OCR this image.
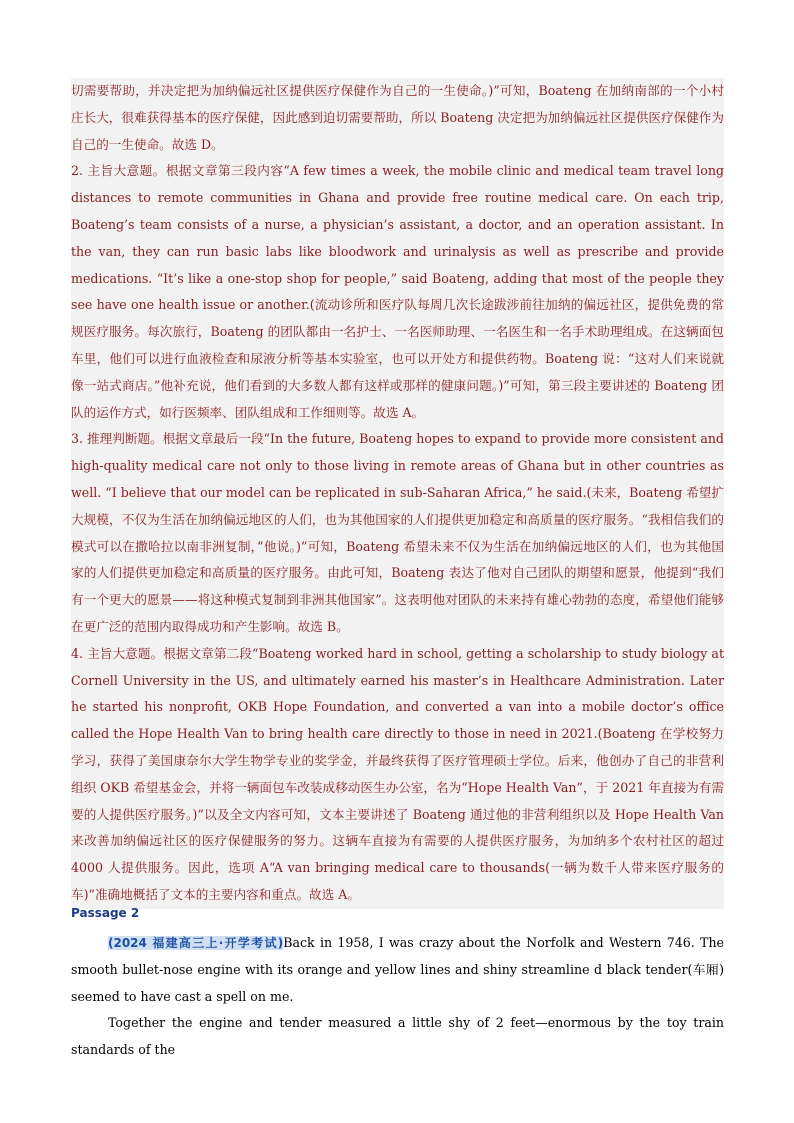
切需要帮助，并决定把为加纳偏远社区提供医疗保健作为自己的一生使命。)”可知，Boateng 在加纳南部的一个小村庄长大，很难获得基本的医疗保健，因此感到迫切需要帮助，所以 Boateng 决定把为加纳偏远社区提供医疗保健作为自己的一生使命。故选 D。

2. 主旨大意题。根据文章第三段内容“A few times a week, the mobile clinic and medical team travel long distances to remote communities in Ghana and provide free routine medical care. On each trip, Boateng’s team consists of a nurse, a physician’s assistant, a doctor, and an operation assistant. In the van, they can run basic labs like bloodwork and urinalysis as well as prescribe and provide medications. “It’s like a one-stop shop for people,” said Boateng, adding that most of the people they see have one health issue or another.(流动诊所和医疗队每周几次长途跋涉前往加纳的偏远社区，提供免费的常规医疗服务。每次旅行，Boateng 的团队都由一名护士、一名医师助理、一名医生和一名手术助理组成。在这辆面包车里，他们可以进行血液检查和尿液分析等基本实验室，也可以开处方和提供药物。Boateng 说：“这对人们来说就像一站式商店。”他补充说，他们看到的大多数人都有这样或那样的健康问题。)”可知，第三段主要讲述的 Boateng 团队的运作方式，如行医频率、团队组成和工作细则等。故选 A。

3. 推理判断题。根据文章最后一段“In the future, Boateng hopes to expand to provide more consistent and high-quality medical care not only to those living in remote areas of Ghana but in other countries as well. “I believe that our model can be replicated in sub-Saharan Africa,” he said.(未来，Boateng 希望扩大规模，不仅为生活在加纳偏远地区的人们，也为其他国家的人们提供更加稳定和高质量的医疗服务。“我相信我们的模式可以在撒哈拉以南非洲复制，”他说。)”可知，Boateng 希望未来不仅为生活在加纳偏远地区的人们，也为其他国家的人们提供更加稳定和高质量的医疗服务。由此可知，Boateng 表达了他对自己团队的期望和愿景，他提到“我们有一个更大的愿景——将这种模式复制到非洲其他国家”。这表明他对团队的未来持有雄心勃勃的态度，希望他们能够在更广泛的范围内取得成功和产生影响。故选 B。

4. 主旨大意题。根据文章第二段“Boateng worked hard in school, getting a scholarship to study biology at Cornell University in the US, and ultimately earned his master’s in Healthcare Administration. Later he started his nonprofit, OKB Hope Foundation, and converted a van into a mobile doctor’s office called the Hope Health Van to bring health care directly to those in need in 2021.(Boateng 在学校努力学习，获得了美国康奈尔大学生物学专业的奖学金，并最终获得了医疗管理硕士学位。后来，他创办了自己的非营利组织 OKB 希望基金会，并将一辆面包车改装成移动医生办公室，名为“Hope Health Van”，于 2021 年直接为有需要的人提供医疗服务。)”以及全文内容可知，文本主要讲述了 Boateng 通过他的非营利组织以及 Hope Health Van 来改善加纳偏远社区的医疗保健服务的努力。这辆车直接为有需要的人提供医疗服务，为加纳多个农村社区的超过 4000 人提供服务。因此，选项 A“A van bringing medical care to thousands(一辆为数千人带来医疗服务的车)”准确地概括了文本的主要内容和重点。故选 A。

Passage 2

(2024 福建高三上·开学考试)Back in 1958, I was crazy about the Norfolk and Western 746. The smooth bullet-nose engine with its orange and yellow lines and shiny streamline d black tender(车厢) seemed to have cast a spell on me.

Together the engine and tender measured a little shy of 2 feet—enormous by the toy train standards of the
